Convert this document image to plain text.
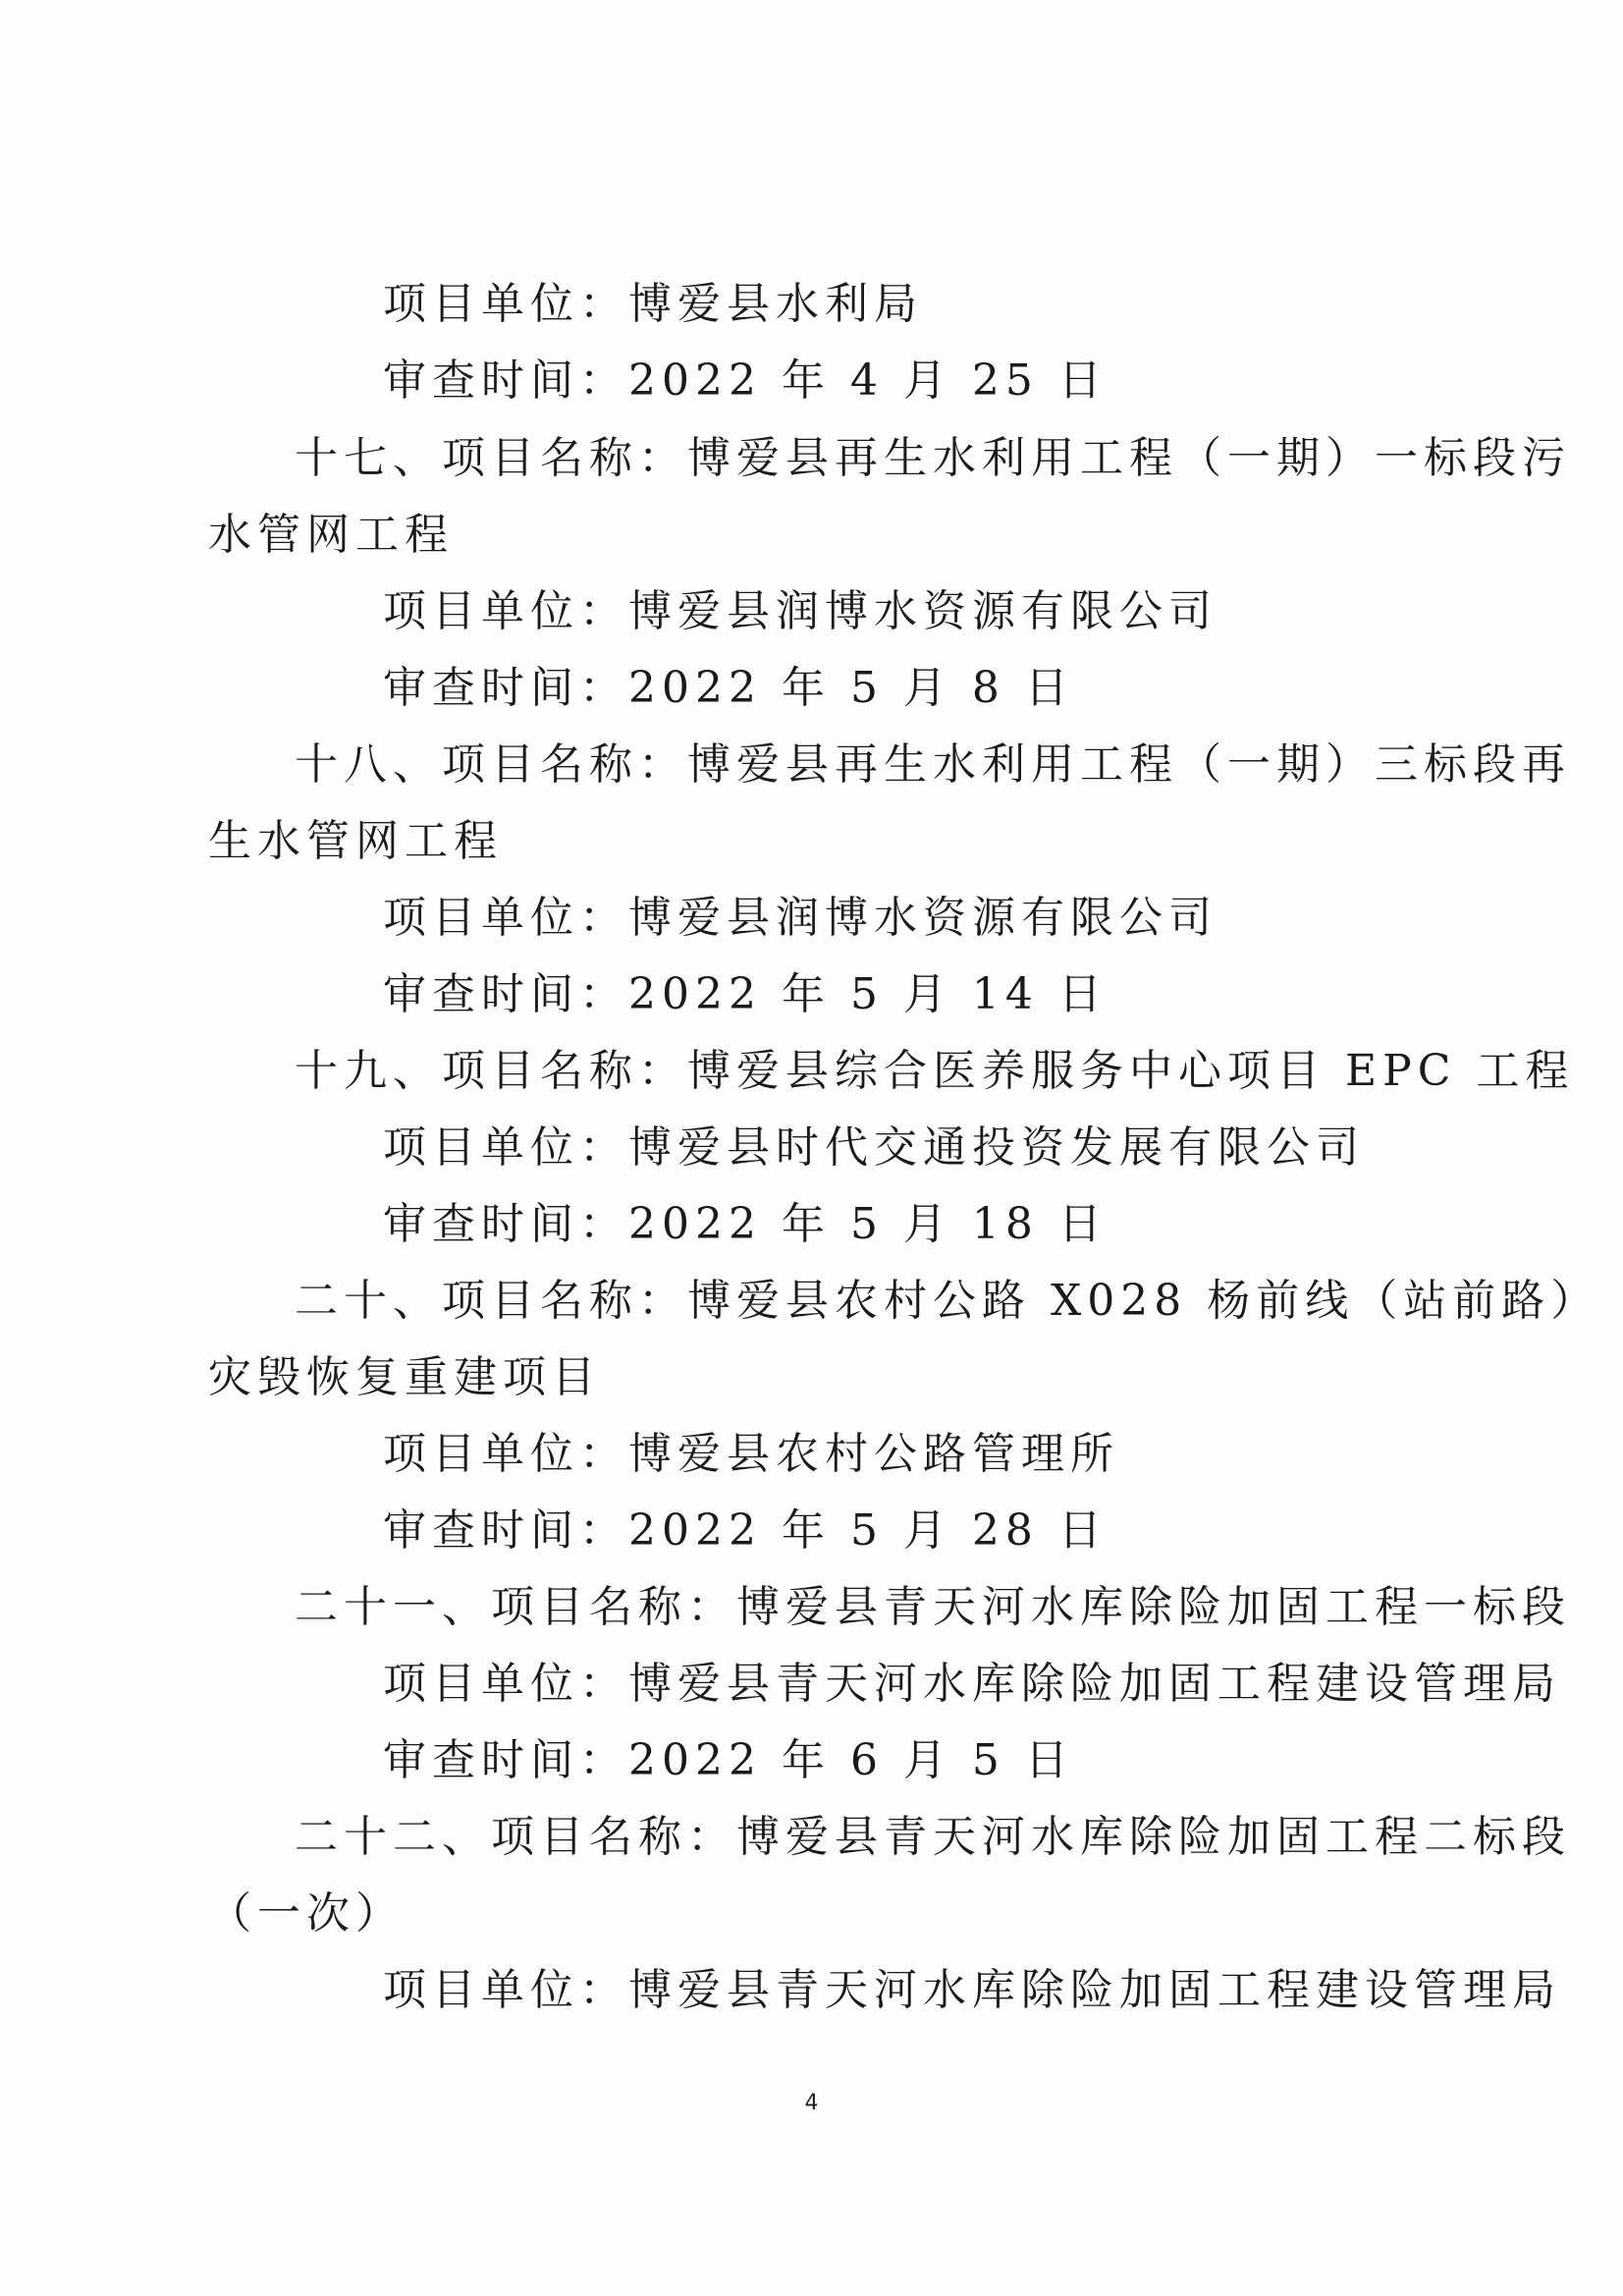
项目单位：博爱县水利局
审查时间：2022 年 4 月 25 日
十七、项目名称：博爱县再生水利用工程（一期）一标段污
水管网工程
项目单位：博爱县润博水资源有限公司
审查时间：2022 年 5 月 8 日
十八、项目名称：博爱县再生水利用工程（一期）三标段再
生水管网工程
项目单位：博爱县润博水资源有限公司
审查时间：2022 年 5 月 14 日
十九、项目名称：博爱县综合医养服务中心项目 EPC 工程
项目单位：博爱县时代交通投资发展有限公司
审查时间：2022 年 5 月 18 日
二十、项目名称：博爱县农村公路 X028 杨前线（站前路）
灾毁恢复重建项目
项目单位：博爱县农村公路管理所
审查时间：2022 年 5 月 28 日
二十一、项目名称：博爱县青天河水库除险加固工程一标段
项目单位：博爱县青天河水库除险加固工程建设管理局
审查时间：2022 年 6 月 5 日
二十二、项目名称：博爱县青天河水库除险加固工程二标段
（一次）
项目单位：博爱县青天河水库除险加固工程建设管理局
4
